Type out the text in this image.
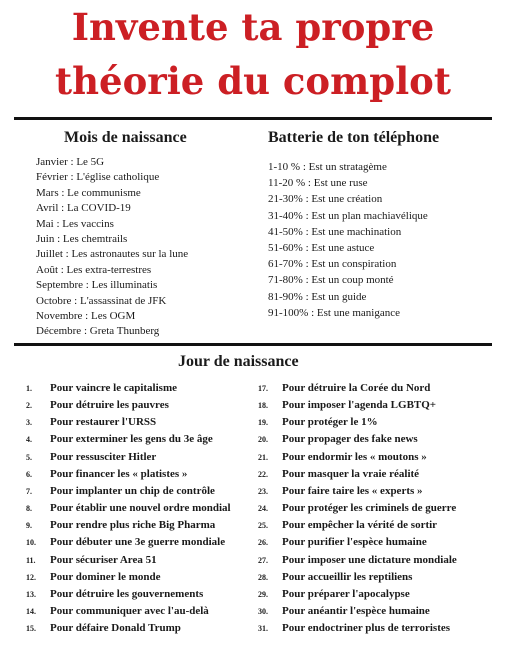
Invente ta propre
théorie du complot
Mois de naissance	Batterie de ton téléphone
Janvier : Le 5G
Février : L'église catholique
Mars : Le communisme
Avril : La COVID-19
Mai : Les vaccins
Juin : Les chemtrails
Juillet : Les astronautes sur la lune
Août : Les extra-terrestres
Septembre : Les illuminatis
Octobre : L'assassinat de JFK
Novembre : Les OGM
Décembre : Greta Thunberg
1-10 % : Est un stratagème
11-20 % : Est une ruse
21-30% : Est une création
31-40% : Est un plan machiavélique
41-50% : Est une machination
51-60% : Est une astuce
61-70% : Est un conspiration
71-80% : Est un coup monté
81-90% : Est un guide
91-100% : Est une manigance
Jour de naissance
1. Pour vaincre le capitalisme
2. Pour détruire les pauvres
3. Pour restaurer l'URSS
4. Pour exterminer les gens du 3e âge
5. Pour ressusciter Hitler
6. Pour financer les « platistes »
7. Pour implanter un chip de contrôle
8. Pour établir une nouvel ordre mondial
9. Pour rendre plus riche Big Pharma
10. Pour débuter une 3e guerre mondiale
11. Pour sécuriser Area 51
12. Pour dominer le monde
13. Pour détruire les gouvernements
14. Pour communiquer avec l'au-delà
15. Pour défaire Donald Trump
17. Pour détruire la Corée du Nord
18. Pour imposer l'agenda LGBTQ+
19. Pour protéger le 1%
20. Pour propager des fake news
21. Pour endormir les « moutons »
22. Pour masquer la vraie réalité
23. Pour faire taire les « experts »
24. Pour protéger les criminels de guerre
25. Pour empêcher la vérité de sortir
26. Pour purifier l'espèce humaine
27. Pour imposer une dictature mondiale
28. Pour accueillir les reptiliens
29. Pour préparer l'apocalypse
30. Pour anéantir l'espèce humaine
31. Pour endoctriner plus de terroristes
